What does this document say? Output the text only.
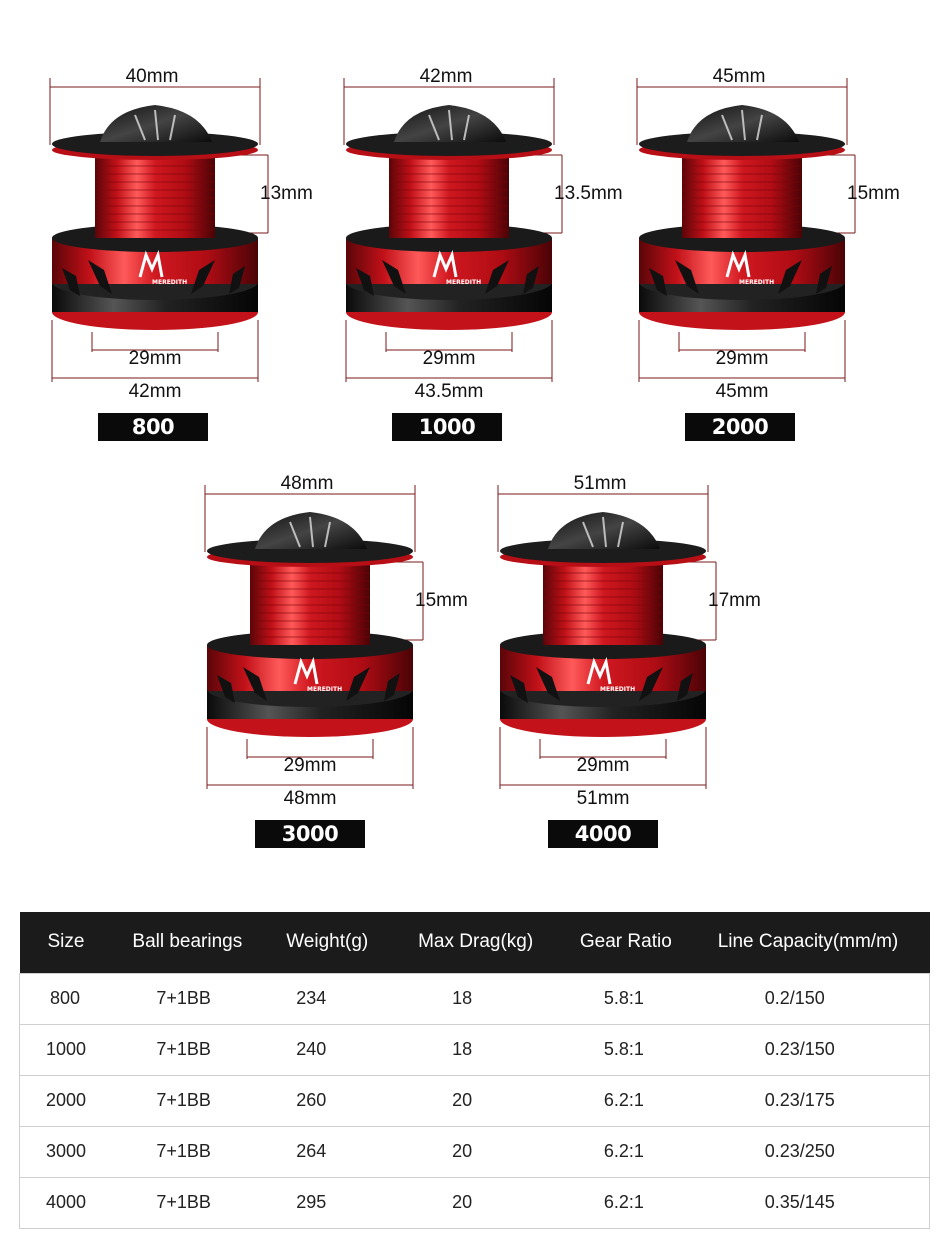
MEREDITH
40mm
13mm
29mm
42mm
MEREDITH
42mm
13.5mm
29mm
43.5mm
MEREDITH
45mm
15mm
29mm
45mm
MEREDITH
48mm
15mm
29mm
48mm
MEREDITH
51mm
17mm
29mm
51mm
800	1000	2000
3000	4000
Size	Ball bearings	Weight(g)	Max Drag(kg)	Gear Ratio	Line Capacity(mm/m)
800	7+1BB	234	18	5.8:1	0.2/150
1000	7+1BB	240	18	5.8:1	0.23/150
2000	7+1BB	260	20	6.2:1	0.23/175
3000	7+1BB	264	20	6.2:1	0.23/250
4000	7+1BB	295	20	6.2:1	0.35/145
